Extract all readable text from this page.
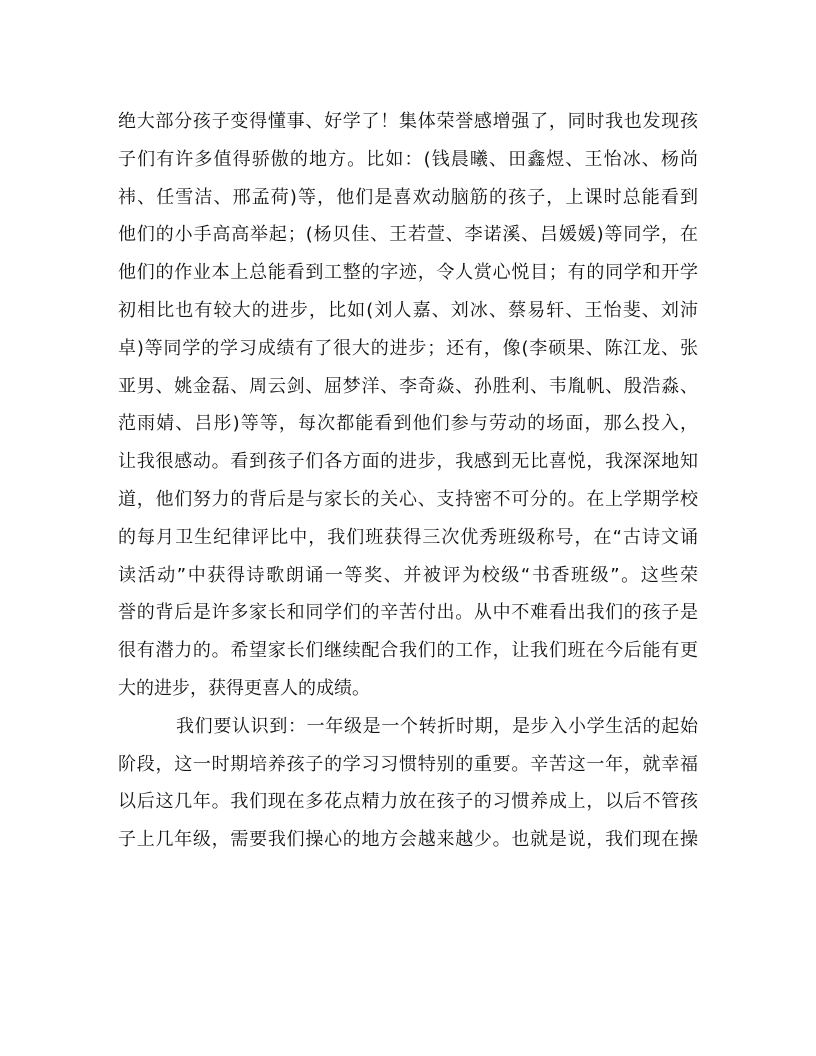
绝大部分孩子变得懂事、好学了！集体荣誉感增强了，同时我也发现孩
子们有许多值得骄傲的地方。比如：(钱晨曦、田鑫煜、王怡冰、杨尚
祎、任雪洁、邢孟荷)等，他们是喜欢动脑筋的孩子，上课时总能看到
他们的小手高高举起；(杨贝佳、王若萱、李诺溪、吕媛媛)等同学，在
他们的作业本上总能看到工整的字迹，令人赏心悦目；有的同学和开学
初相比也有较大的进步，比如(刘人嘉、刘冰、蔡易轩、王怡斐、刘沛
卓)等同学的学习成绩有了很大的进步；还有，像(李硕果、陈江龙、张
亚男、姚金磊、周云剑、屈梦洋、李奇焱、孙胜利、韦胤帆、殷浩淼、
范雨婧、吕彤)等等，每次都能看到他们参与劳动的场面，那么投入，
让我很感动。看到孩子们各方面的进步，我感到无比喜悦，我深深地知
道，他们努力的背后是与家长的关心、支持密不可分的。在上学期学校
的每月卫生纪律评比中，我们班获得三次优秀班级称号，在“古诗文诵
读活动”中获得诗歌朗诵一等奖、并被评为校级“书香班级”。这些荣
誉的背后是许多家长和同学们的辛苦付出。从中不难看出我们的孩子是
很有潜力的。希望家长们继续配合我们的工作，让我们班在今后能有更
大的进步，获得更喜人的成绩。
我们要认识到：一年级是一个转折时期，是步入小学生活的起始
阶段，这一时期培养孩子的学习习惯特别的重要。辛苦这一年，就幸福
以后这几年。我们现在多花点精力放在孩子的习惯养成上，以后不管孩
子上几年级，需要我们操心的地方会越来越少。也就是说，我们现在操
